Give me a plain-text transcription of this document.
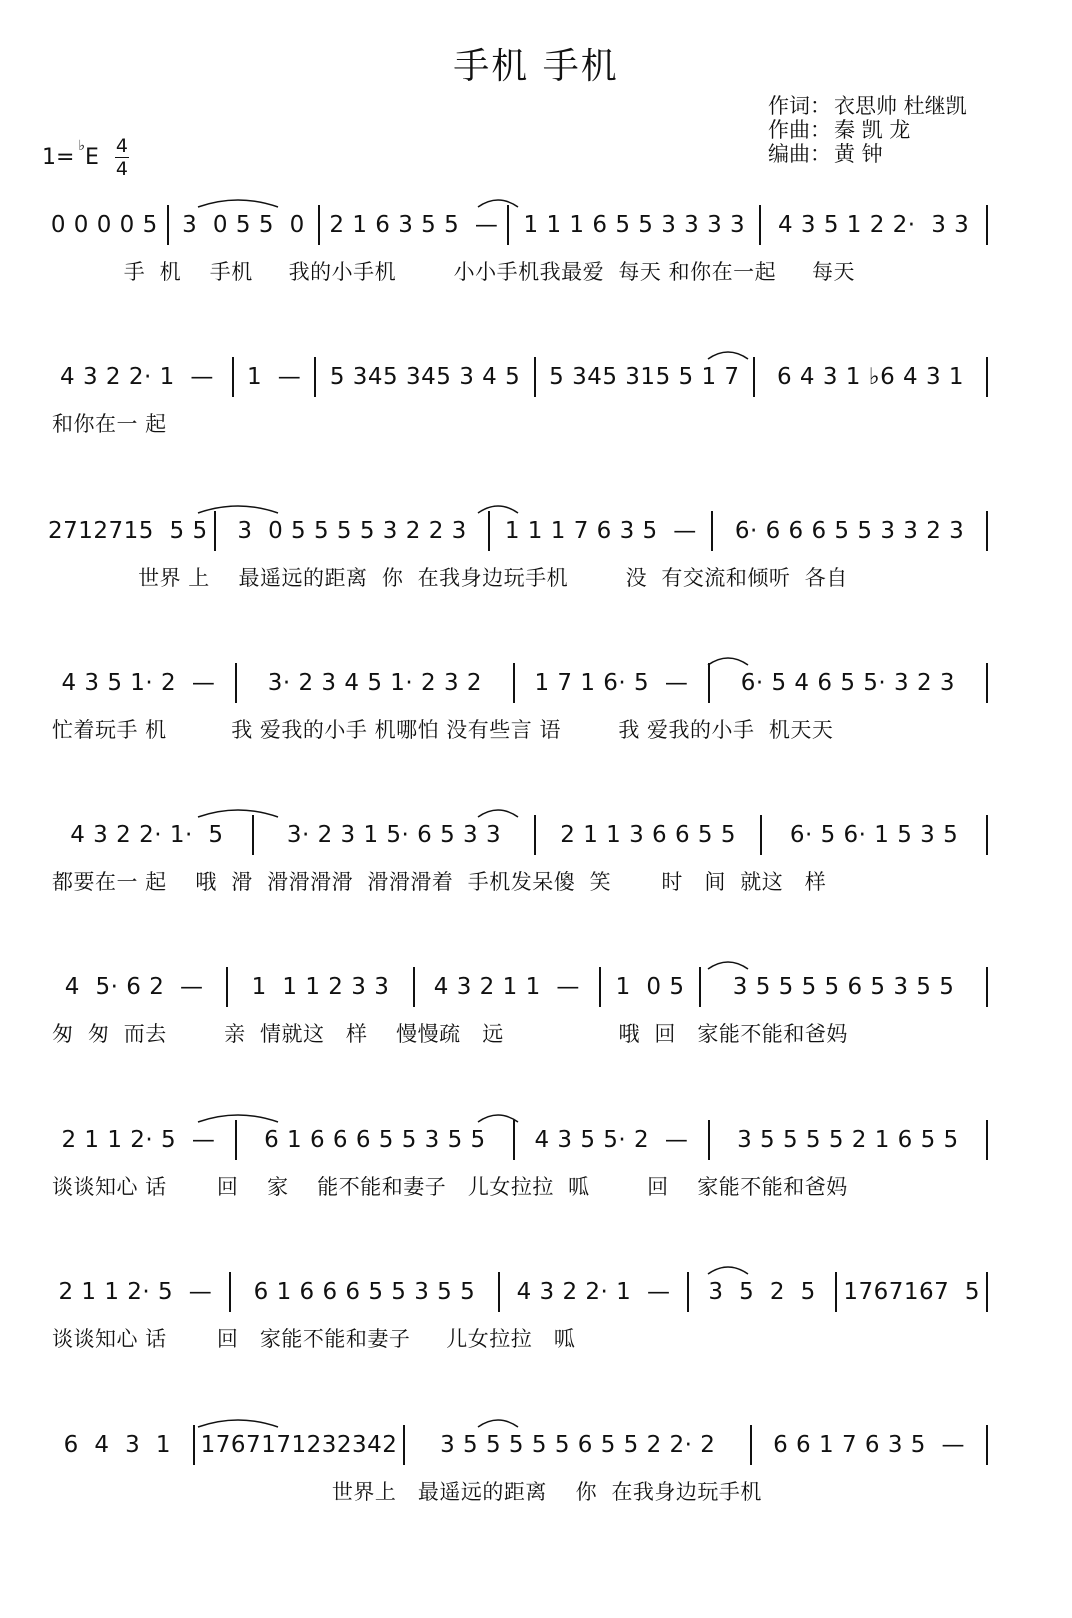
手机 手机
作词： 衣思帅 杜继凯
作曲： 秦 凯 龙
编曲： 黄 钟
1= ♭ E 4
4
0 0 0 0 5 3  0 5 5  0 2 1 6 3 5 5  — 1 1 1 6 5 5 3 3 3 3 4 3 5 1 2 2·  3 3
手  机    手机     我的小手机        小小手机我最爱  每天 和你在一起     每天
4 3 2 2· 1  — 1  — 5 345 345 3 4 5 5 345 315 5 1 7 6 4 3 1 ♭6 4 3 1
和你在一 起
2712715  5 5 3  0 5 5 5 5 3 2 2 3 1 1 1 7 6 3 5  — 6· 6 6 6 5 5 3 3 2 3
世界 上    最遥远的距离  你  在我身边玩手机        没  有交流和倾听  各自
4 3 5 1· 2  — 3· 2 3 4 5 1· 2 3 2 1 7 1 6· 5  — 6· 5 4 6 5 5· 3 2 3
忙着玩手 机         我 爱我的小手 机哪怕 没有些言 语        我 爱我的小手  机天天
4 3 2 2· 1·  5	3· 2 3 1 5· 6 5 3 3	2 1 1 3 6 6 5 5 6· 5 6· 1 5 3 5
都要在一 起    哦  滑  滑滑滑滑  滑滑滑着  手机发呆傻  笑       时   间  就这   样
4  5· 6 2  — 1  1 1 2 3 3 4 3 2 1 1  — 1  0 5 3 5 5 5 5 6 5 3 5 5
匆  匆  而去        亲  情就这   样    慢慢疏   远                哦  回   家能不能和爸妈
2 1 1 2· 5  — 6 1 6 6 6 5 5 3 5 5 4 3 5 5· 2  — 3 5 5 5 5 2 1 6 5 5
谈谈知心 话       回    家    能不能和妻子   儿女拉拉  呱        回    家能不能和爸妈
2 1 1 2· 5  — 6 1 6 6 6 5 5 3 5 5 4 3 2 2· 1  — 3  5  2  5 1767167  5
谈谈知心 话       回   家能不能和妻子     儿女拉拉   呱
6  4  3  1 1767171232342 3 5 5 5 5 5 6 5 5 2 2· 2	6 6 1 7 6 3 5  —
世界上   最遥远的距离    你  在我身边玩手机
